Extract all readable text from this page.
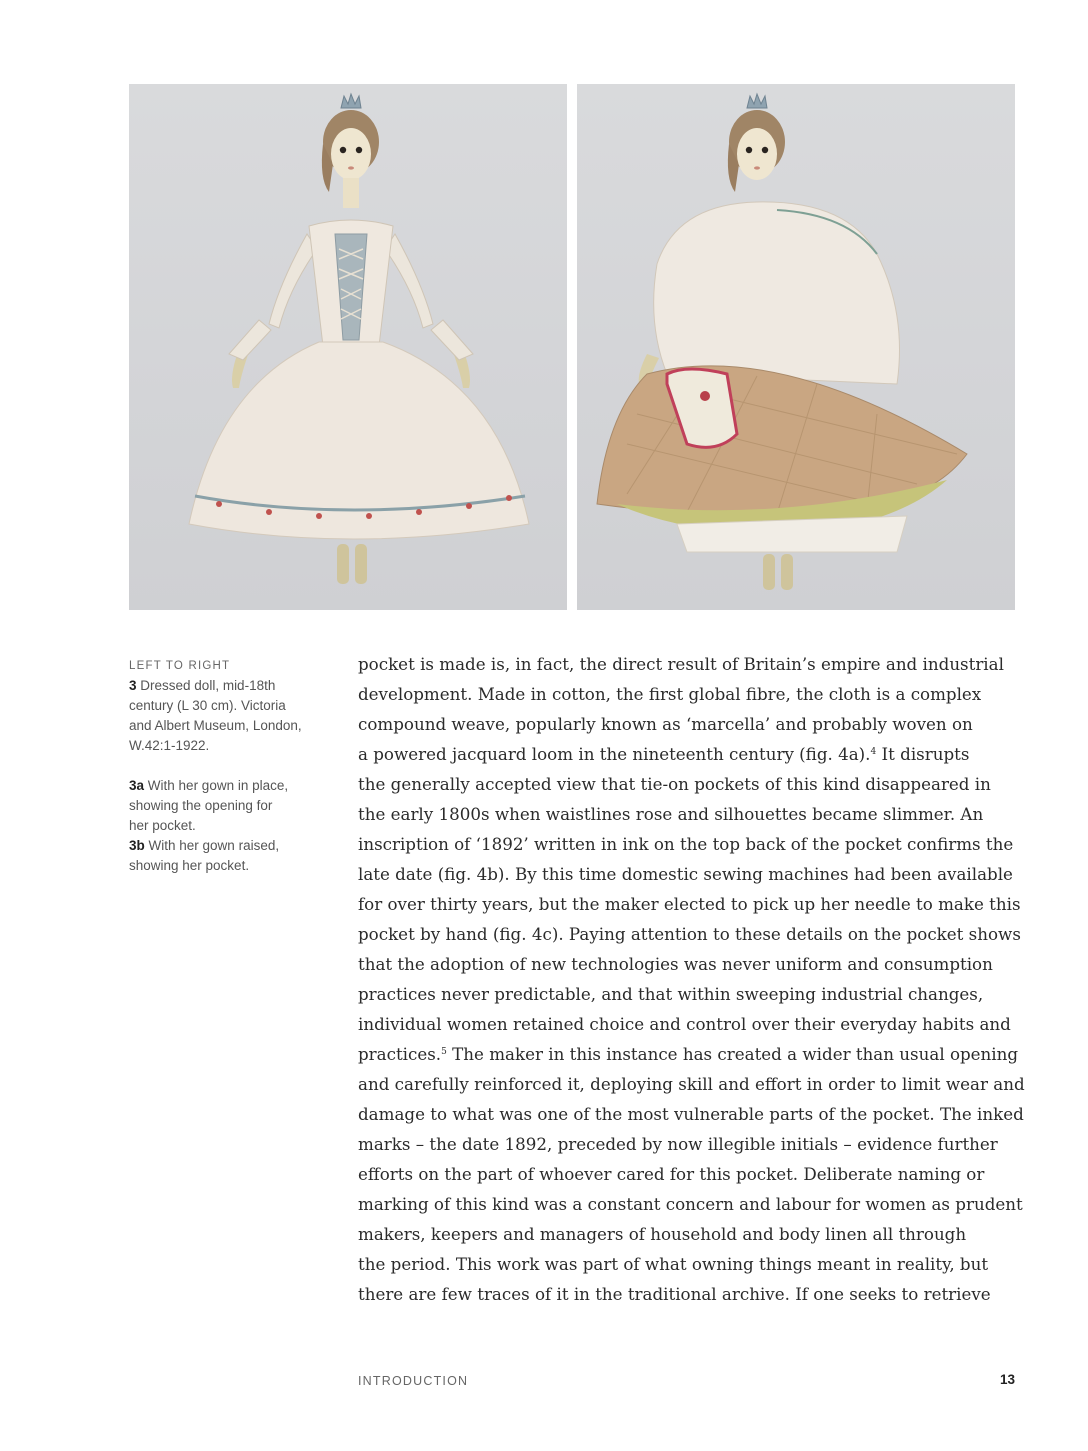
LEFT TO RIGHT

3 Dressed doll, mid-18th

century (L 30 cm). Victoria

and Albert Museum, London,

W.42:1-1922.

3a With her gown in place,

showing the opening for

her pocket.

3b With her gown raised,

showing her pocket.

pocket is made is, in fact, the direct result of Britain’s empire and industrial
development. Made in cotton, the first global fibre, the cloth is a complex
compound weave, popularly known as ‘marcella’ and probably woven on
a powered jacquard loom in the nineteenth century (fig. 4a).$^4$ It disrupts
the generally accepted view that tie-on pockets of this kind disappeared in
the early 1800s when waistlines rose and silhouettes became slimmer. An
inscription of ‘1892’ written in ink on the top back of the pocket confirms the
late date (fig. 4b). By this time domestic sewing machines had been available
for over thirty years, but the maker elected to pick up her needle to make this
pocket by hand (fig. 4c). Paying attention to these details on the pocket shows
that the adoption of new technologies was never uniform and consumption
practices never predictable, and that within sweeping industrial changes,
individual women retained choice and control over their everyday habits and
practices.$^5$ The maker in this instance has created a wider than usual opening
and carefully reinforced it, deploying skill and effort in order to limit wear and
damage to what was one of the most vulnerable parts of the pocket. The inked
marks – the date 1892, preceded by now illegible initials – evidence further
efforts on the part of whoever cared for this pocket. Deliberate naming or
marking of this kind was a constant concern and labour for women as prudent
makers, keepers and managers of household and body linen all through
the period. This work was part of what owning things meant in reality, but
there are few traces of it in the traditional archive. If one seeks to retrieve
INTRODUCTION	13
